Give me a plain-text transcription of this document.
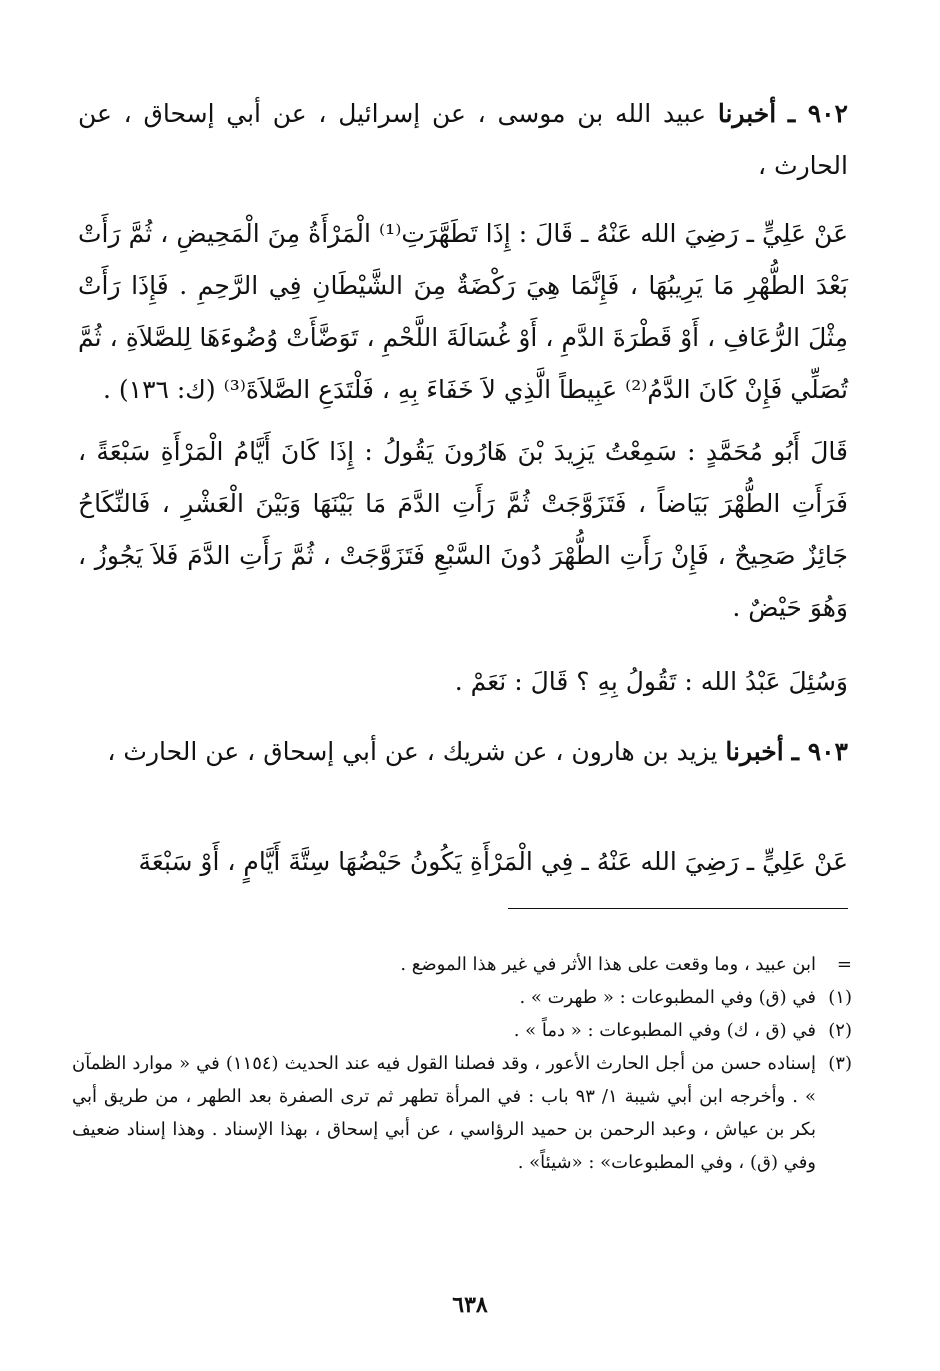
٩٠٢ ـ أخبرنا عبيد الله بن موسى ، عن إسرائيل ، عن أبي إسحاق ، عن الحارث ،
عَنْ عَلِيٍّ ـ رَضِيَ الله عَنْهُ ـ قَالَ : إِذَا تَطَهَّرَتِ⁽¹⁾ الْمَرْأَةُ مِنَ الْمَحِيضِ ، ثُمَّ رَأَتْ بَعْدَ الطُّهْرِ مَا يَرِيبُهَا ، فَإِنَّمَا هِيَ رَكْضَةٌ مِنَ الشَّيْطَانِ فِي الرَّحِمِ . فَإِذَا رَأَتْ مِثْلَ الرُّعَافِ ، أَوْ قَطْرَةَ الدَّمِ ، أَوْ غُسَالَةَ اللَّحْمِ ، تَوَضَّأَتْ وُضُوءَهَا لِلصَّلاَةِ ، ثُمَّ تُصَلِّي فَإِنْ كَانَ الدَّمُ⁽²⁾ عَبِيطاً الَّذِي لاَ خَفَاءَ بِهِ ، فَلْتَدَعِ الصَّلاَةَ⁽³⁾ (ك: ١٣٦) .
قَالَ أَبُو مُحَمَّدٍ : سَمِعْتُ يَزِيدَ بْنَ هَارُونَ يَقُولُ : إِذَا كَانَ أَيَّامُ الْمَرْأَةِ سَبْعَةً ، فَرَأَتِ الطُّهْرَ بَيَاضاً ، فَتَزَوَّجَتْ ثُمَّ رَأَتِ الدَّمَ مَا بَيْنَهَا وَبَيْنَ الْعَشْرِ ، فَالنِّكَاحُ جَائِزٌ صَحِيحٌ ، فَإِنْ رَأَتِ الطُّهْرَ دُونَ السَّبْعِ فَتَزَوَّجَتْ ، ثُمَّ رَأَتِ الدَّمَ فَلاَ يَجُوزُ ، وَهُوَ حَيْضٌ .
وَسُئِلَ عَبْدُ الله : تَقُولُ بِهِ ؟ قَالَ : نَعَمْ .
٩٠٣ ـ أخبرنا يزيد بن هارون ، عن شريك ، عن أبي إسحاق ، عن الحارث ،
عَنْ عَلِيٍّ ـ رَضِيَ الله عَنْهُ ـ فِي الْمَرْأَةِ يَكُونُ حَيْضُهَا سِتَّةَ أَيَّامٍ ، أَوْ سَبْعَةَ
=
ابن عبيد ، وما وقعت على هذا الأثر في غير هذا الموضع .
(١)
في (ق) وفي المطبوعات : « طهرت » .
(٢)
في (ق ، ك) وفي المطبوعات : « دماً » .
(٣)
إسناده حسن من أجل الحارث الأعور ، وقد فصلنا القول فيه عند الحديث (١١٥٤) في « موارد الظمآن » . وأخرجه ابن أبي شيبة ١/ ٩٣ باب : في المرأة تطهر ثم ترى الصفرة بعد الطهر ، من طريق أبي بكر بن عياش ، وعبد الرحمن بن حميد الرؤاسي ، عن أبي إسحاق ، بهذا الإسناد . وهذا إسناد ضعيف وفي (ق) ، وفي المطبوعات» : «شيئاً» .
٦٣٨
